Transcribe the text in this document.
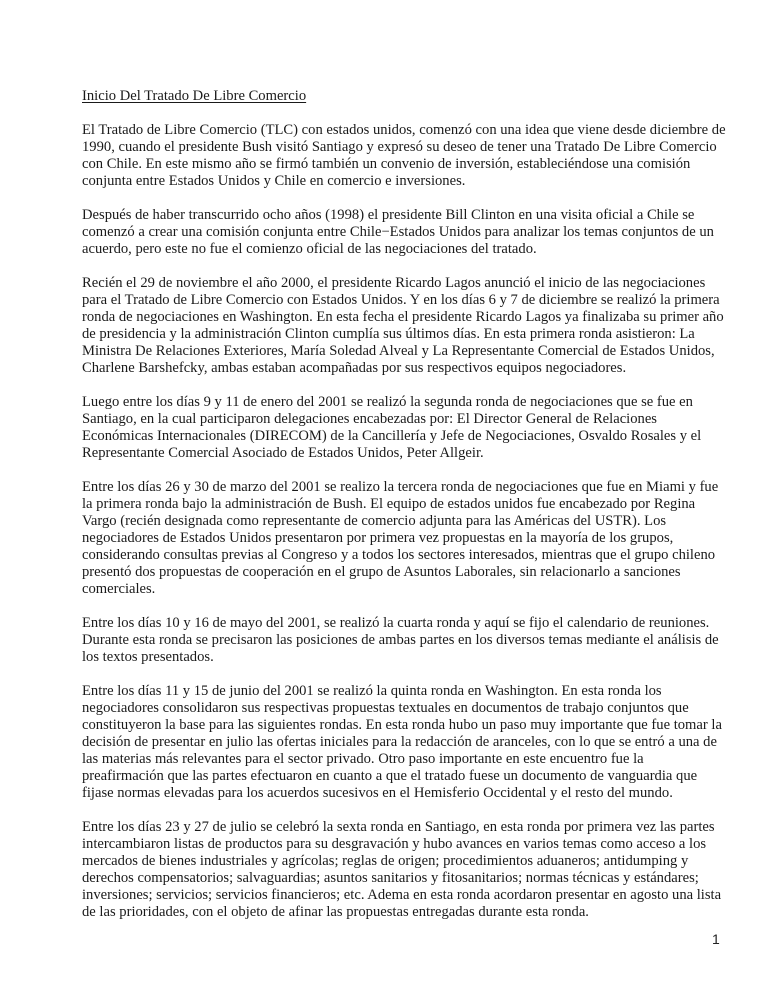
Inicio Del Tratado De Libre Comercio
El Tratado de Libre Comercio (TLC) con estados unidos, comenzó con una idea que viene desde diciembre de
1990, cuando el presidente Bush visitó Santiago y expresó su deseo de tener una Tratado De Libre Comercio
con Chile. En este mismo año se firmó también un convenio de inversión, estableciéndose una comisión
conjunta entre Estados Unidos y Chile en comercio e inversiones.
Después de haber transcurrido ocho años (1998) el presidente Bill Clinton en una visita oficial a Chile se
comenzó a crear una comisión conjunta entre Chile−Estados Unidos para analizar los temas conjuntos de un
acuerdo, pero este no fue el comienzo oficial de las negociaciones del tratado.
Recién el 29 de noviembre el año 2000, el presidente Ricardo Lagos anunció el inicio de las negociaciones
para el Tratado de Libre Comercio con Estados Unidos. Y en los días 6 y 7 de diciembre se realizó la primera
ronda de negociaciones en Washington. En esta fecha el presidente Ricardo Lagos ya finalizaba su primer año
de presidencia y la administración Clinton cumplía sus últimos días. En esta primera ronda asistieron: La
Ministra De Relaciones Exteriores, María Soledad Alveal y La Representante Comercial de Estados Unidos,
Charlene Barshefcky, ambas estaban acompañadas por sus respectivos equipos negociadores.
Luego entre los días 9 y 11 de enero del 2001 se realizó la segunda ronda de negociaciones que se fue en
Santiago, en la cual participaron delegaciones encabezadas por: El Director General de Relaciones
Económicas Internacionales (DIRECOM) de la Cancillería y Jefe de Negociaciones, Osvaldo Rosales y el
Representante Comercial Asociado de Estados Unidos, Peter Allgeir.
Entre los días 26 y 30 de marzo del 2001 se realizo la tercera ronda de negociaciones que fue en Miami y fue
la primera ronda bajo la administración de Bush. El equipo de estados unidos fue encabezado por Regina
Vargo (recién designada como representante de comercio adjunta para las Américas del USTR). Los
negociadores de Estados Unidos presentaron por primera vez propuestas en la mayoría de los grupos,
considerando consultas previas al Congreso y a todos los sectores interesados, mientras que el grupo chileno
presentó dos propuestas de cooperación en el grupo de Asuntos Laborales, sin relacionarlo a sanciones
comerciales.
Entre los días 10 y 16 de mayo del 2001, se realizó la cuarta ronda y aquí se fijo el calendario de reuniones.
Durante esta ronda se precisaron las posiciones de ambas partes en los diversos temas mediante el análisis de
los textos presentados.
Entre los días 11 y 15 de junio del 2001 se realizó la quinta ronda en Washington. En esta ronda los
negociadores consolidaron sus respectivas propuestas textuales en documentos de trabajo conjuntos que
constituyeron la base para las siguientes rondas. En esta ronda hubo un paso muy importante que fue tomar la
decisión de presentar en julio las ofertas iniciales para la redacción de aranceles, con lo que se entró a una de
las materias más relevantes para el sector privado. Otro paso importante en este encuentro fue la
preafirmación que las partes efectuaron en cuanto a que el tratado fuese un documento de vanguardia que
fijase normas elevadas para los acuerdos sucesivos en el Hemisferio Occidental y el resto del mundo.
Entre los días 23 y 27 de julio se celebró la sexta ronda en Santiago, en esta ronda por primera vez las partes
intercambiaron listas de productos para su desgravación y hubo avances en varios temas como acceso a los
mercados de bienes industriales y agrícolas; reglas de origen; procedimientos aduaneros; antidumping y
derechos compensatorios; salvaguardias; asuntos sanitarios y fitosanitarios; normas técnicas y estándares;
inversiones; servicios; servicios financieros; etc. Adema en esta ronda acordaron presentar en agosto una lista
de las prioridades, con el objeto de afinar las propuestas entregadas durante esta ronda.
1
